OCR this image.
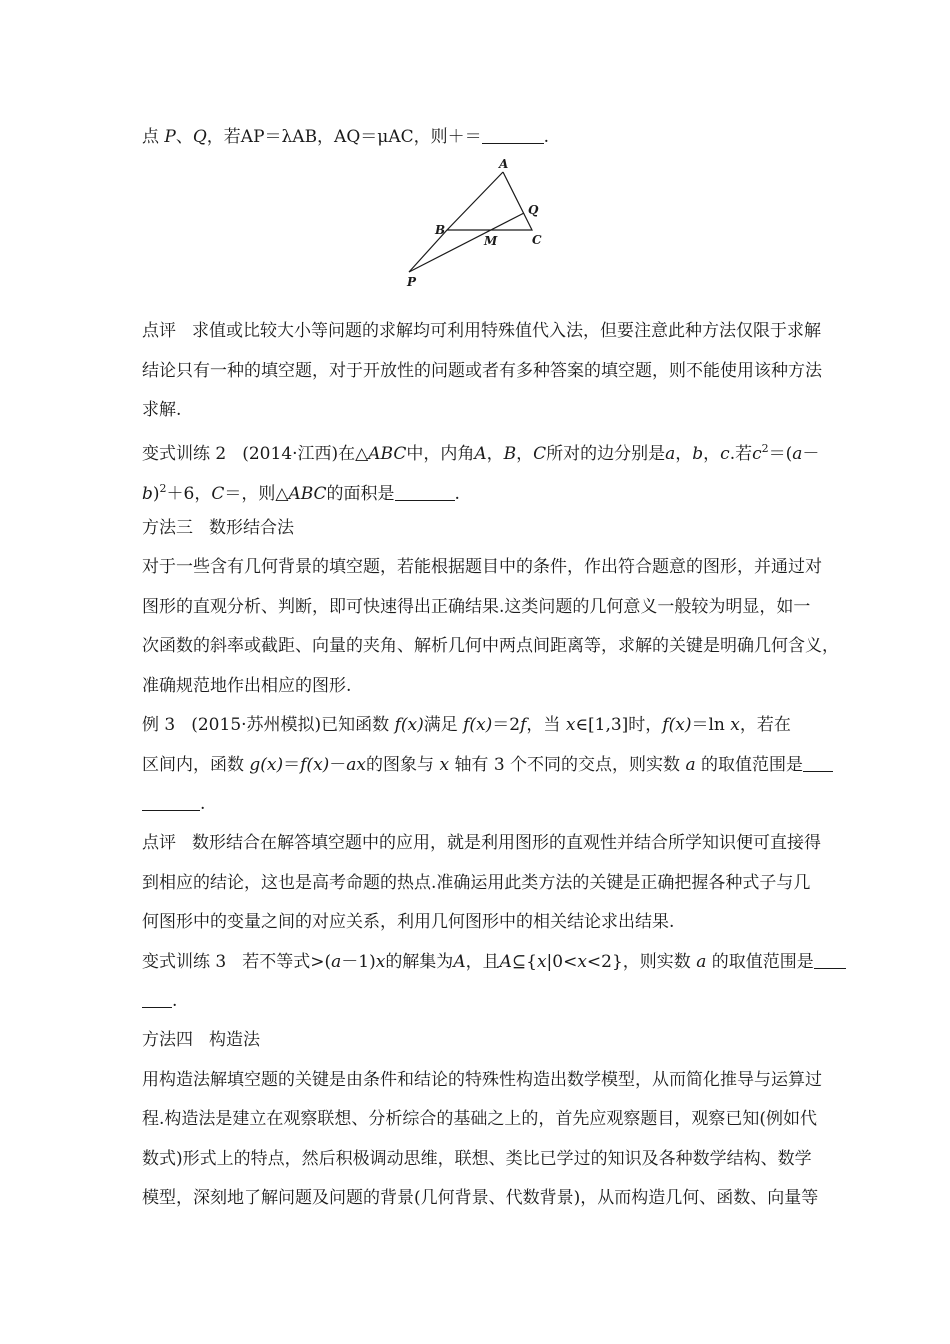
点 P、Q，若AP＝λAB，AQ＝μAC，则＋＝	.
A
B
C
M
P
Q
点评 求值或比较大小等问题的求解均可利用特殊值代入法，但要注意此种方法仅限于求解
结论只有一种的填空题，对于开放性的问题或者有多种答案的填空题，则不能使用该种方法
求解.
变式训练 2 (2014·江西)在△ABC中，内角A，B，C所对的边分别是a，b，c.若$c^2=(a-$
b)$^2$＋6，C＝，则△ABC的面积是	.
方法三 数形结合法
对于一些含有几何背景的填空题，若能根据题目中的条件，作出符合题意的图形，并通过对
图形的直观分析、判断，即可快速得出正确结果.这类问题的几何意义一般较为明显，如一
次函数的斜率或截距、向量的夹角、解析几何中两点间距离等，求解的关键是明确几何含义，
准确规范地作出相应的图形.
例 3 (2015·苏州模拟)已知函数 f(x)满足 f(x)＝2f，当 x∈[1,3]时，f(x)＝ln x，若在
区间内，函数 g(x)＝f(x)－ax的图象与 x 轴有 3 个不同的交点，则实数 a 的取值范围是
.
点评 数形结合在解答填空题中的应用，就是利用图形的直观性并结合所学知识便可直接得
到相应的结论，这也是高考命题的热点.准确运用此类方法的关键是正确把握各种式子与几
何图形中的变量之间的对应关系，利用几何图形中的相关结论求出结果.
变式训练 3 若不等式>(a－1)x的解集为A，且A⊆{x|0<x<2}，则实数 a 的取值范围是
.
方法四 构造法
用构造法解填空题的关键是由条件和结论的特殊性构造出数学模型，从而简化推导与运算过
程.构造法是建立在观察联想、分析综合的基础之上的，首先应观察题目，观察已知(例如代
数式)形式上的特点，然后积极调动思维，联想、类比已学过的知识及各种数学结构、数学
模型，深刻地了解问题及问题的背景(几何背景、代数背景)，从而构造几何、函数、向量等
